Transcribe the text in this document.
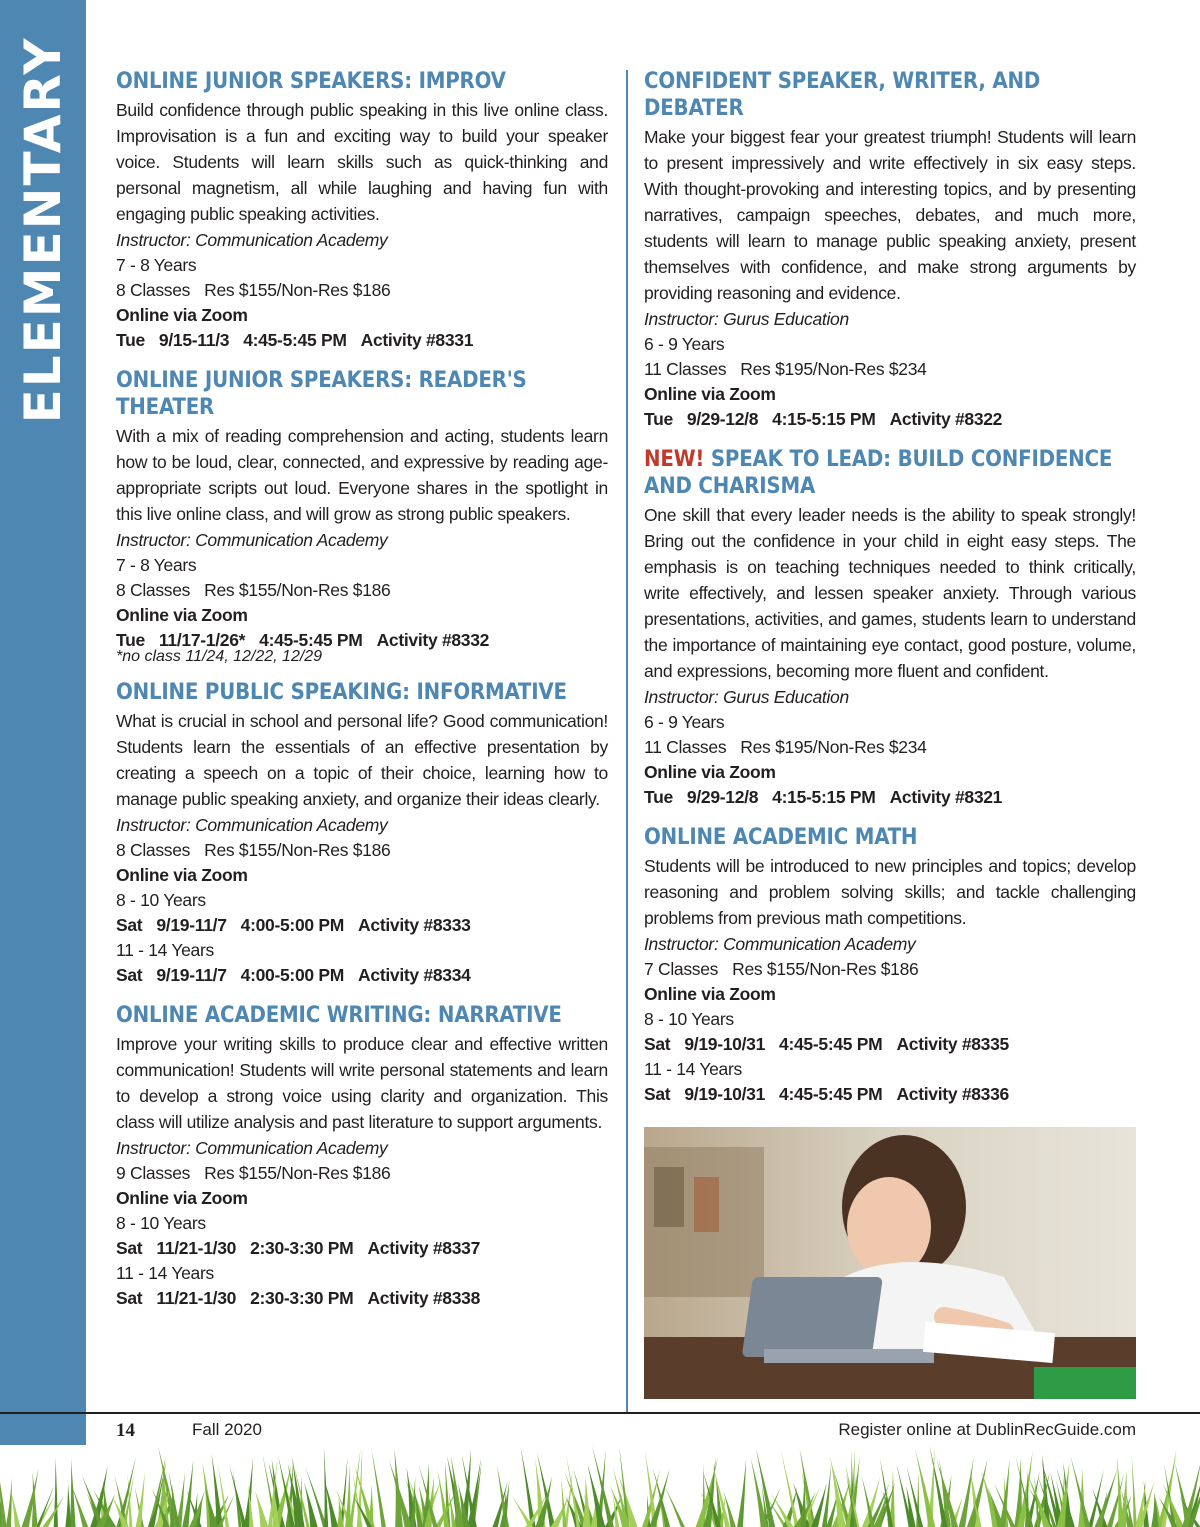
ELEMENTARY ONLINE JUNIOR SPEAKERS: IMPROV

Build confidence through public speaking in this live online class. Improvisation is a fun and exciting way to build your speaker voice. Students will learn skills such as quick-thinking and personal magnetism, all while laughing and having fun with engaging public speaking activities.

Instructor: Communication Academy
7 - 8 Years
8 Classes Res $155/Non-Res $186
Online via Zoom
Tue 9/15-11/3 4:45-5:45 PM Activity #8331
ONLINE JUNIOR SPEAKERS: READER'S THEATER

With a mix of reading comprehension and acting, students learn how to be loud, clear, connected, and expressive by reading age-appropriate scripts out loud. Everyone shares in the spotlight in this live online class, and will grow as strong public speakers.

Instructor: Communication Academy
7 - 8 Years
8 Classes Res $155/Non-Res $186
Online via Zoom
Tue 11/17-1/26* 4:45-5:45 PM Activity #8332
*no class 11/24, 12/22, 12/29
ONLINE PUBLIC SPEAKING: INFORMATIVE

What is crucial in school and personal life? Good communication! Students learn the essentials of an effective presentation by creating a speech on a topic of their choice, learning how to manage public speaking anxiety, and organize their ideas clearly.

Instructor: Communication Academy
8 Classes Res $155/Non-Res $186
Online via Zoom
8 - 10 Years
Sat 9/19-11/7 4:00-5:00 PM Activity #8333
11 - 14 Years
Sat 9/19-11/7 4:00-5:00 PM Activity #8334
ONLINE ACADEMIC WRITING: NARRATIVE

Improve your writing skills to produce clear and effective written communication! Students will write personal statements and learn to develop a strong voice using clarity and organization. This class will utilize analysis and past literature to support arguments.

Instructor: Communication Academy
9 Classes Res $155/Non-Res $186
Online via Zoom
8 - 10 Years
Sat 11/21-1/30 2:30-3:30 PM Activity #8337
11 - 14 Years
Sat 11/21-1/30 2:30-3:30 PM Activity #8338
CONFIDENT SPEAKER, WRITER, AND DEBATER

Make your biggest fear your greatest triumph! Students will learn to present impressively and write effectively in six easy steps. With thought-provoking and interesting topics, and by presenting narratives, campaign speeches, debates, and much more, students will learn to manage public speaking anxiety, present themselves with confidence, and make strong arguments by providing reasoning and evidence.

Instructor: Gurus Education
6 - 9 Years
11 Classes Res $195/Non-Res $234
Online via Zoom
Tue 9/29-12/8 4:15-5:15 PM Activity #8322
NEW! SPEAK TO LEAD: BUILD CONFIDENCE AND CHARISMA

One skill that every leader needs is the ability to speak strongly! Bring out the confidence in your child in eight easy steps. The emphasis is on teaching techniques needed to think critically, write effectively, and lessen speaker anxiety. Through various presentations, activities, and games, students learn to understand the importance of maintaining eye contact, good posture, volume, and expressions, becoming more fluent and confident.

Instructor: Gurus Education
6 - 9 Years
11 Classes Res $195/Non-Res $234
Online via Zoom
Tue 9/29-12/8 4:15-5:15 PM Activity #8321
ONLINE ACADEMIC MATH

Students will be introduced to new principles and topics; develop reasoning and problem solving skills; and tackle challenging problems from previous math competitions.

Instructor: Communication Academy
7 Classes Res $155/Non-Res $186
Online via Zoom
8 - 10 Years
Sat 9/19-10/31 4:45-5:45 PM Activity #8335
11 - 14 Years
Sat 9/19-10/31 4:45-5:45 PM Activity #8336
14	Fall 2020	Register online at DublinRecGuide.com
